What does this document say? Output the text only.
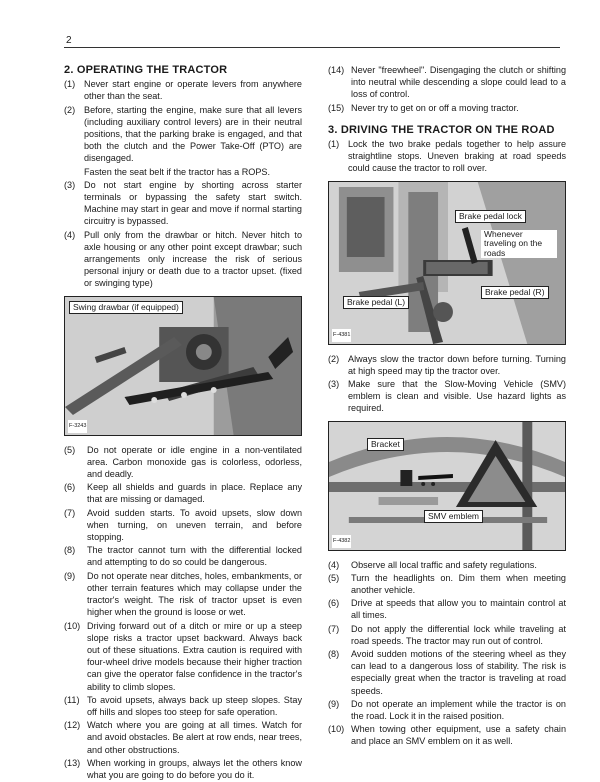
2
2. OPERATING THE TRACTOR
(1) Never start engine or operate levers from anywhere other than the seat.
(2) Before, starting the engine, make sure that all levers (including auxiliary control levers) are in their neutral positions, that the parking brake is engaged, and that both the clutch and the Power Take-Off (PTO) are disengaged.
Fasten the seat belt if the tractor has a ROPS.
(3) Do not start engine by shorting across starter terminals or bypassing the safety start switch. Machine may start in gear and move if normal starting circuitry is bypassed.
(4) Pull only from the drawbar or hitch. Never hitch to axle housing or any other point except drawbar; such arrangements only increase the risk of serious personal injury or death due to a tractor upset. (fixed or swinging type)
Swing drawbar (if equipped)
F-3243
(5)	Do not operate or idle engine in a non-ventilated area. Carbon monoxide gas is colorless, odorless, and deadly.
(6)	Keep all shields and guards in place. Replace any that are missing or damaged.
(7)	Avoid sudden starts. To avoid upsets, slow down when turning, on uneven terrain, and before stopping.
(8)	The tractor cannot turn with the differential locked and attempting to do so could be dangerous.
(9)	Do not operate near ditches, holes, embankments, or other terrain features which may collapse under the tractor's weight. The risk of tractor upset is even higher when the ground is loose or wet.
(10) Driving forward out of a ditch or mire or up a steep slope risks a tractor upset backward. Always back out of these situations. Extra caution is required with four-wheel drive models because their higher traction can give the operator false confidence in the tractor's ability to climb slopes.
(11) To avoid upsets, always back up steep slopes. Stay off hills and slopes too steep for safe operation.
(12) Watch where you are going at all times. Watch for and avoid obstacles. Be alert at row ends, near trees, and other obstructions.
(13) When working in groups, always let the others know what you are going to do before you do it.
(14) Never "freewheel". Disengaging the clutch or shifting into neutral while descending a slope could lead to a loss of control.
(15) Never try to get on or off a moving tractor.
3. DRIVING THE TRACTOR ON THE ROAD
(1) Lock the two brake pedals together to help assure straightline stops. Uneven braking at road speeds could cause the tractor to roll over.
Brake pedal lock
Whenever traveling on the roads
Brake pedal (R)
Brake pedal (L)
F-4381
(2) Always slow the tractor down before turning. Turning at high speed may tip the tractor over.
(3) Make sure that the Slow-Moving Vehicle (SMV) emblem is clean and visible. Use hazard lights as required.
Bracket
SMV emblem
F-4382
(4)	Observe all local traffic and safety regulations.
(5)	Turn the headlights on. Dim them when meeting another vehicle.
(6)	Drive at speeds that allow you to maintain control at all times.
(7)	Do not apply the differential lock while traveling at road speeds. The tractor may run out of control.
(8)	Avoid sudden motions of the steering wheel as they can lead to a dangerous loss of stability. The risk is especially great when the tractor is traveling at road speeds.
(9)	Do not operate an implement while the tractor is on the road. Lock it in the raised position.
(10) When towing other equipment, use a safety chain and place an SMV emblem on it as well.
